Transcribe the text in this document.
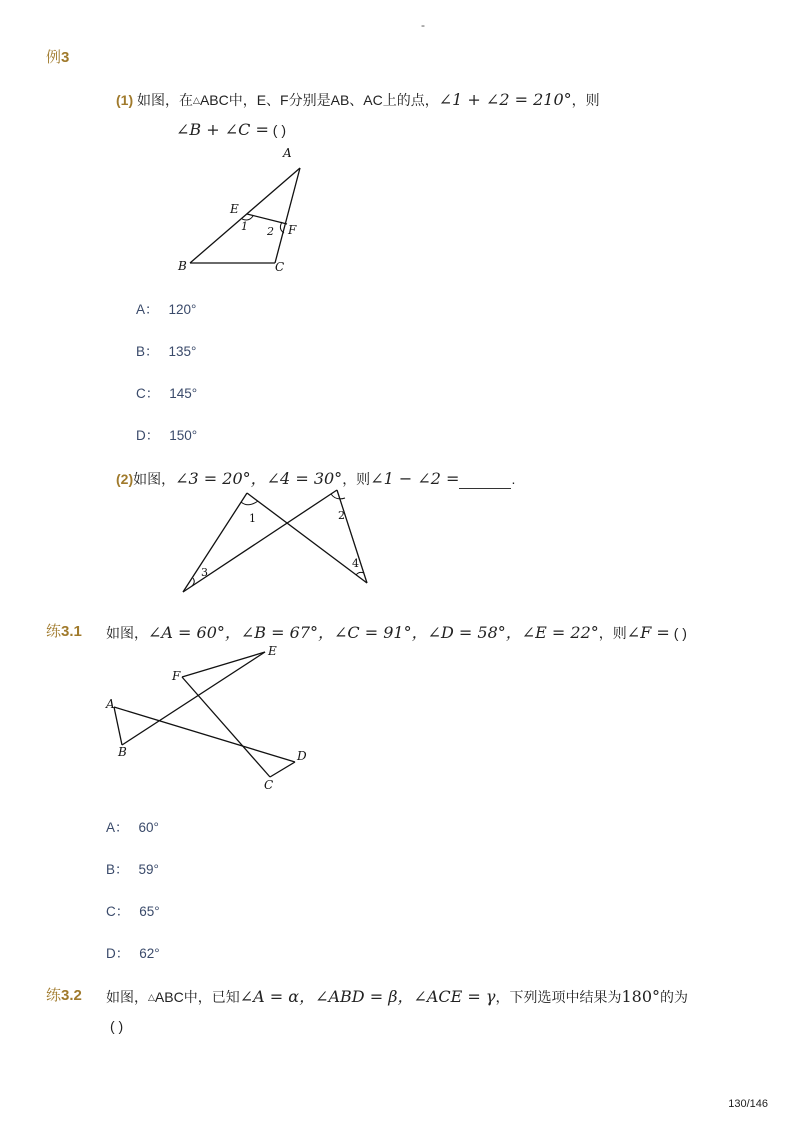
-
例3
(1) 如图，在△ABC中，E、F分别是AB、AC上的点，∠1 + ∠2 = 210°，则
∠B + ∠C = ( )
A
E
1 2 F
B	C
A： 120°
B： 135°
C： 145°
D： 150°
(2)如图，∠3 = 20°，∠4 = 30°，则∠1 − ∠2 =	.
1	2
3
4
练3.1 如图，∠A = 60°，∠B = 67°，∠C = 91°，∠D = 58°，∠E = 22°，则∠F = ( )
E
F
A
B	D
C
A： 60°
B： 59°
C： 65°
D： 62°
练3.2 如图，△ABC中，已知∠A = α，∠ABD = β，∠ACE = γ，下列选项中结果为180°的为
( )
130/146
